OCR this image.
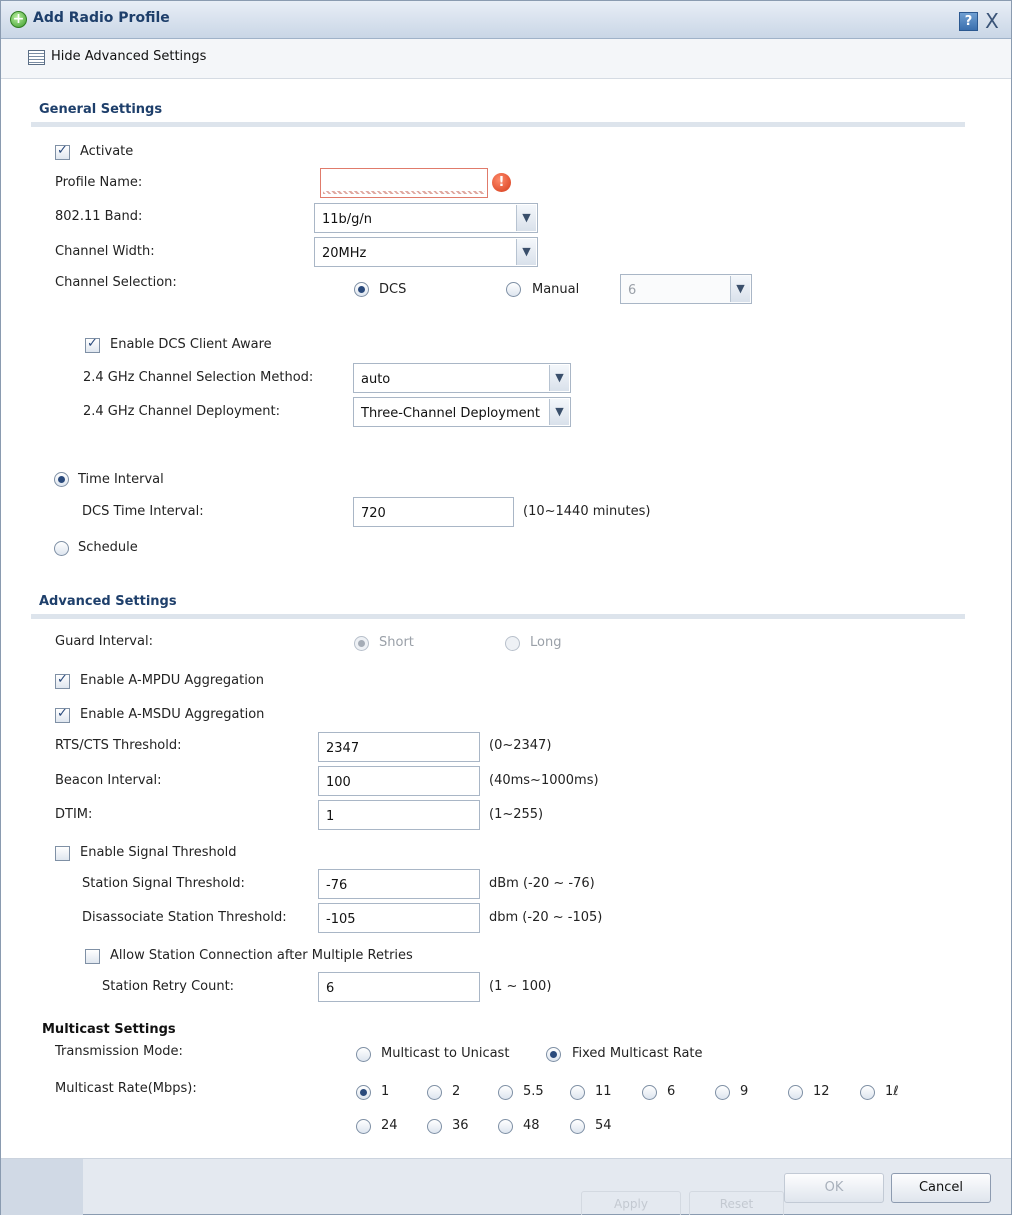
+ Add Radio Profile	? X
Hide Advanced Settings
General Settings
✓
Activate
Profile Name:	!
802.11 Band:	11b/g/n	▼
Channel Width:	20MHz	▼
Channel Selection:	DCS	Manual	6	▼
✓
Enable DCS Client Aware
2.4 GHz Channel Selection Method:	auto	▼
2.4 GHz Channel Deployment:	Three-Channel Deployment	▼
Time Interval
DCS Time Interval:	720	(10~1440 minutes)
Schedule
Advanced Settings
Guard Interval:	Short	Long
✓
Enable A-MPDU Aggregation
✓
Enable A-MSDU Aggregation
RTS/CTS Threshold:	2347	(0~2347)
Beacon Interval:	100	(40ms~1000ms)
DTIM:	1	(1~255)
Enable Signal Threshold
Station Signal Threshold:	-76	dBm (-20 ~ -76)
Disassociate Station Threshold:	-105	dbm (-20 ~ -105)
Allow Station Connection after Multiple Retries
Station Retry Count:	6	(1 ~ 100)
Multicast Settings
Transmission Mode:	Multicast to Unicast	Fixed Multicast Rate
Multicast Rate(Mbps):	1	2	5.5	11	6	9	12	1ℓ
24	36	48	54
Apply	Reset
OK	Cancel
